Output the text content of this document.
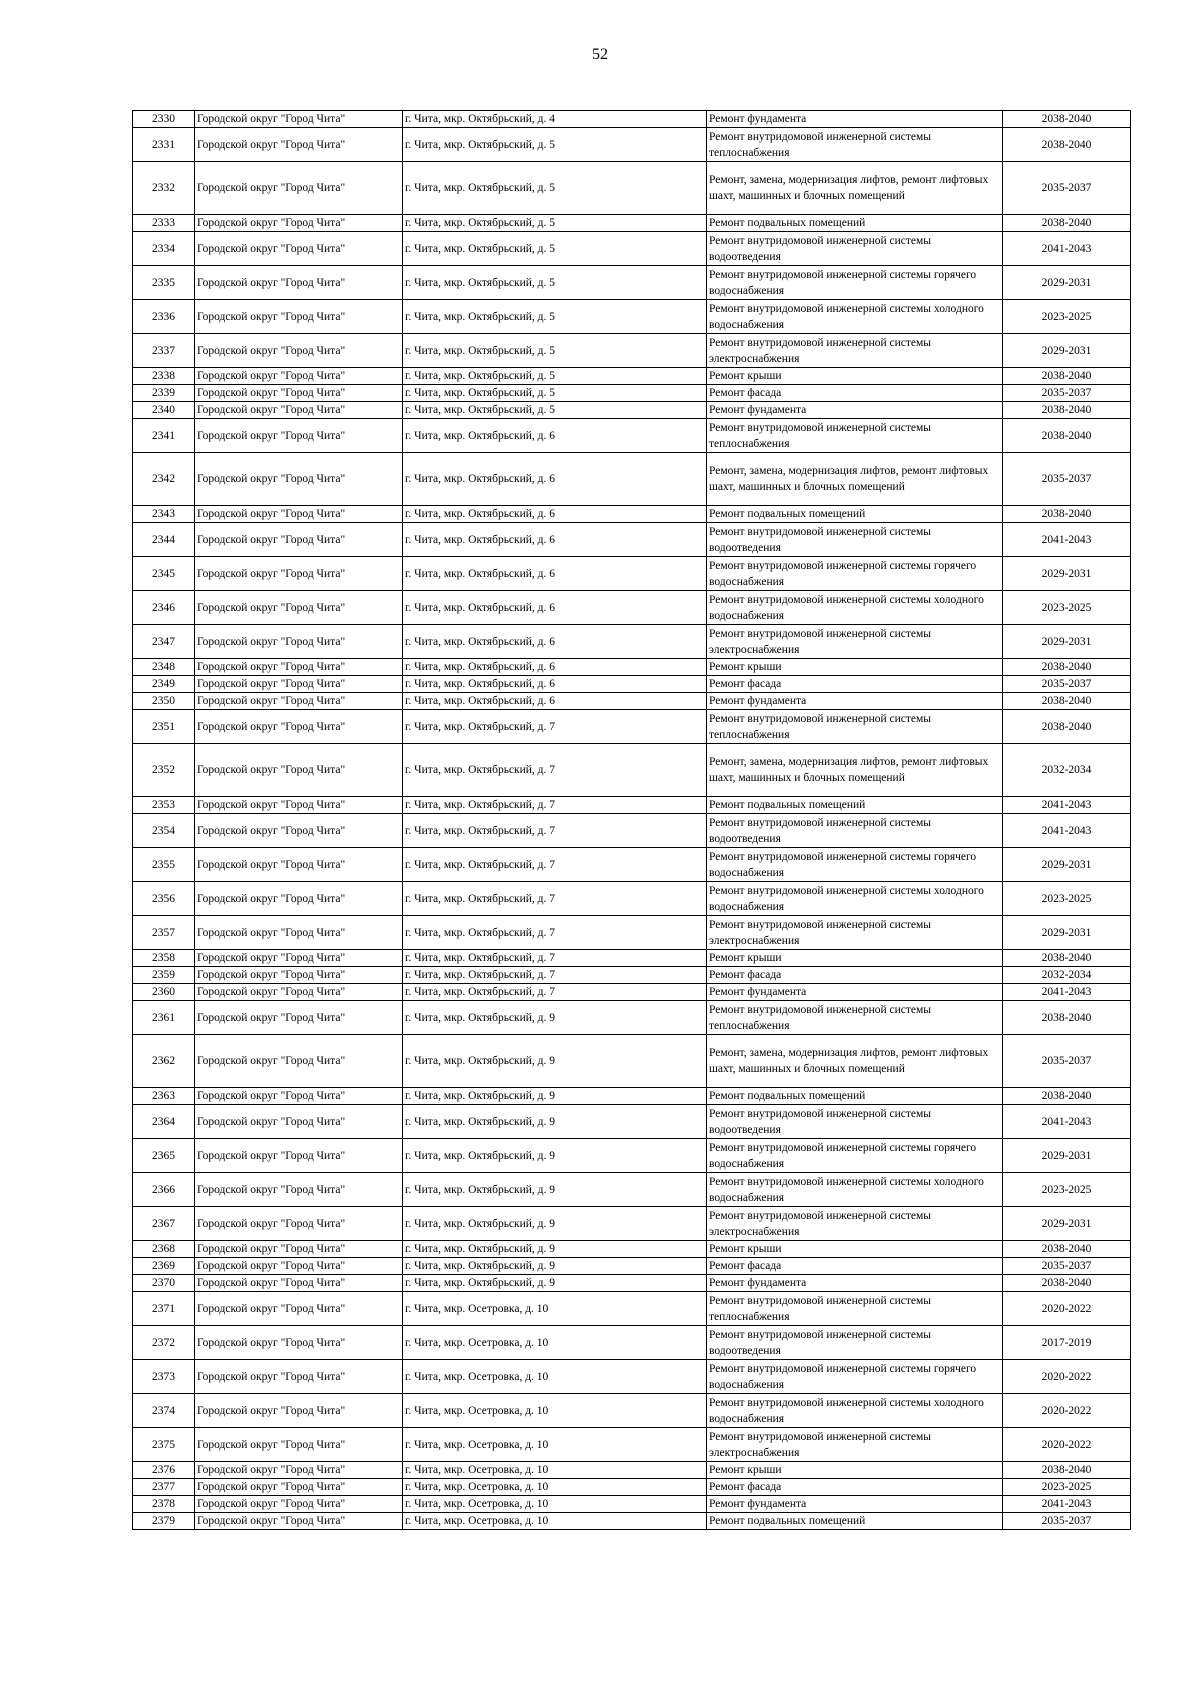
52
2330	Городской округ "Город Чита"	г. Чита, мкр. Октябрьский, д. 4	Ремонт фундамента	2038-2040
2331	Городской округ "Город Чита"	г. Чита, мкр. Октябрьский, д. 5	Ремонт внутридомовой инженерной системы теплоснабжения	2038-2040
2332	Городской округ "Город Чита"	г. Чита, мкр. Октябрьский, д. 5	Ремонт, замена, модернизация лифтов, ремонт лифтовых шахт, машинных и блочных помещений	2035-2037
2333	Городской округ "Город Чита"	г. Чита, мкр. Октябрьский, д. 5	Ремонт подвальных помещений	2038-2040
2334	Городской округ "Город Чита"	г. Чита, мкр. Октябрьский, д. 5	Ремонт внутридомовой инженерной системы водоотведения	2041-2043
2335	Городской округ "Город Чита"	г. Чита, мкр. Октябрьский, д. 5	Ремонт внутридомовой инженерной системы горячего водоснабжения	2029-2031
2336	Городской округ "Город Чита"	г. Чита, мкр. Октябрьский, д. 5	Ремонт внутридомовой инженерной системы холодного водоснабжения	2023-2025
2337	Городской округ "Город Чита"	г. Чита, мкр. Октябрьский, д. 5	Ремонт внутридомовой инженерной системы электроснабжения	2029-2031
2338	Городской округ "Город Чита"	г. Чита, мкр. Октябрьский, д. 5	Ремонт крыши	2038-2040
2339	Городской округ "Город Чита"	г. Чита, мкр. Октябрьский, д. 5	Ремонт фасада	2035-2037
2340	Городской округ "Город Чита"	г. Чита, мкр. Октябрьский, д. 5	Ремонт фундамента	2038-2040
2341	Городской округ "Город Чита"	г. Чита, мкр. Октябрьский, д. 6	Ремонт внутридомовой инженерной системы теплоснабжения	2038-2040
2342	Городской округ "Город Чита"	г. Чита, мкр. Октябрьский, д. 6	Ремонт, замена, модернизация лифтов, ремонт лифтовых шахт, машинных и блочных помещений	2035-2037
2343	Городской округ "Город Чита"	г. Чита, мкр. Октябрьский, д. 6	Ремонт подвальных помещений	2038-2040
2344	Городской округ "Город Чита"	г. Чита, мкр. Октябрьский, д. 6	Ремонт внутридомовой инженерной системы водоотведения	2041-2043
2345	Городской округ "Город Чита"	г. Чита, мкр. Октябрьский, д. 6	Ремонт внутридомовой инженерной системы горячего водоснабжения	2029-2031
2346	Городской округ "Город Чита"	г. Чита, мкр. Октябрьский, д. 6	Ремонт внутридомовой инженерной системы холодного водоснабжения	2023-2025
2347	Городской округ "Город Чита"	г. Чита, мкр. Октябрьский, д. 6	Ремонт внутридомовой инженерной системы электроснабжения	2029-2031
2348	Городской округ "Город Чита"	г. Чита, мкр. Октябрьский, д. 6	Ремонт крыши	2038-2040
2349	Городской округ "Город Чита"	г. Чита, мкр. Октябрьский, д. 6	Ремонт фасада	2035-2037
2350	Городской округ "Город Чита"	г. Чита, мкр. Октябрьский, д. 6	Ремонт фундамента	2038-2040
2351	Городской округ "Город Чита"	г. Чита, мкр. Октябрьский, д. 7	Ремонт внутридомовой инженерной системы теплоснабжения	2038-2040
2352	Городской округ "Город Чита"	г. Чита, мкр. Октябрьский, д. 7	Ремонт, замена, модернизация лифтов, ремонт лифтовых шахт, машинных и блочных помещений	2032-2034
2353	Городской округ "Город Чита"	г. Чита, мкр. Октябрьский, д. 7	Ремонт подвальных помещений	2041-2043
2354	Городской округ "Город Чита"	г. Чита, мкр. Октябрьский, д. 7	Ремонт внутридомовой инженерной системы водоотведения	2041-2043
2355	Городской округ "Город Чита"	г. Чита, мкр. Октябрьский, д. 7	Ремонт внутридомовой инженерной системы горячего водоснабжения	2029-2031
2356	Городской округ "Город Чита"	г. Чита, мкр. Октябрьский, д. 7	Ремонт внутридомовой инженерной системы холодного водоснабжения	2023-2025
2357	Городской округ "Город Чита"	г. Чита, мкр. Октябрьский, д. 7	Ремонт внутридомовой инженерной системы электроснабжения	2029-2031
2358	Городской округ "Город Чита"	г. Чита, мкр. Октябрьский, д. 7	Ремонт крыши	2038-2040
2359	Городской округ "Город Чита"	г. Чита, мкр. Октябрьский, д. 7	Ремонт фасада	2032-2034
2360	Городской округ "Город Чита"	г. Чита, мкр. Октябрьский, д. 7	Ремонт фундамента	2041-2043
2361	Городской округ "Город Чита"	г. Чита, мкр. Октябрьский, д. 9	Ремонт внутридомовой инженерной системы теплоснабжения	2038-2040
2362	Городской округ "Город Чита"	г. Чита, мкр. Октябрьский, д. 9	Ремонт, замена, модернизация лифтов, ремонт лифтовых шахт, машинных и блочных помещений	2035-2037
2363	Городской округ "Город Чита"	г. Чита, мкр. Октябрьский, д. 9	Ремонт подвальных помещений	2038-2040
2364	Городской округ "Город Чита"	г. Чита, мкр. Октябрьский, д. 9	Ремонт внутридомовой инженерной системы водоотведения	2041-2043
2365	Городской округ "Город Чита"	г. Чита, мкр. Октябрьский, д. 9	Ремонт внутридомовой инженерной системы горячего водоснабжения	2029-2031
2366	Городской округ "Город Чита"	г. Чита, мкр. Октябрьский, д. 9	Ремонт внутридомовой инженерной системы холодного водоснабжения	2023-2025
2367	Городской округ "Город Чита"	г. Чита, мкр. Октябрьский, д. 9	Ремонт внутридомовой инженерной системы электроснабжения	2029-2031
2368	Городской округ "Город Чита"	г. Чита, мкр. Октябрьский, д. 9	Ремонт крыши	2038-2040
2369	Городской округ "Город Чита"	г. Чита, мкр. Октябрьский, д. 9	Ремонт фасада	2035-2037
2370	Городской округ "Город Чита"	г. Чита, мкр. Октябрьский, д. 9	Ремонт фундамента	2038-2040
2371	Городской округ "Город Чита"	г. Чита, мкр. Осетровка, д. 10	Ремонт внутридомовой инженерной системы теплоснабжения	2020-2022
2372	Городской округ "Город Чита"	г. Чита, мкр. Осетровка, д. 10	Ремонт внутридомовой инженерной системы водоотведения	2017-2019
2373	Городской округ "Город Чита"	г. Чита, мкр. Осетровка, д. 10	Ремонт внутридомовой инженерной системы горячего водоснабжения	2020-2022
2374	Городской округ "Город Чита"	г. Чита, мкр. Осетровка, д. 10	Ремонт внутридомовой инженерной системы холодного водоснабжения	2020-2022
2375	Городской округ "Город Чита"	г. Чита, мкр. Осетровка, д. 10	Ремонт внутридомовой инженерной системы электроснабжения	2020-2022
2376	Городской округ "Город Чита"	г. Чита, мкр. Осетровка, д. 10	Ремонт крыши	2038-2040
2377	Городской округ "Город Чита"	г. Чита, мкр. Осетровка, д. 10	Ремонт фасада	2023-2025
2378	Городской округ "Город Чита"	г. Чита, мкр. Осетровка, д. 10	Ремонт фундамента	2041-2043
2379	Городской округ "Город Чита"	г. Чита, мкр. Осетровка, д. 10	Ремонт подвальных помещений	2035-2037
